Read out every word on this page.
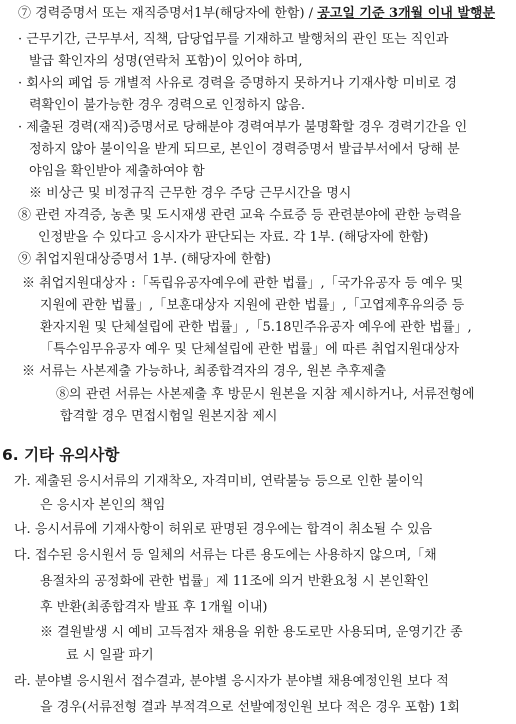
⑦ 경력증명서 또는 재직증명서1부(해당자에 한함) / 공고일 기준 3개월 이내 발행분
· 근무기간, 근무부서, 직책, 담당업무를 기재하고 발행처의 관인 또는 직인과
발급 확인자의 성명(연락처 포함)이 있어야 하며,
· 회사의 폐업 등 개별적 사유로 경력을 증명하지 못하거나 기재사항 미비로 경
력확인이 불가능한 경우 경력으로 인정하지 않음.
· 제출된 경력(재직)증명서로 당해분야 경력여부가 불명확할 경우 경력기간을 인
정하지 않아 불이익을 받게 되므로, 본인이 경력증명서 발급부서에서 당해 분
야임을 확인받아 제출하여야 함
※ 비상근 및 비정규직 근무한 경우 주당 근무시간을 명시
⑧ 관련 자격증, 농촌 및 도시재생 관련 교육 수료증 등 관련분야에 관한 능력을
인정받을 수 있다고 응시자가 판단되는 자료. 각 1부. (해당자에 한함)
⑨ 취업지원대상증명서 1부. (해당자에 한함)
※ 취업지원대상자 :「독립유공자예우에 관한 법률」,「국가유공자 등 예우 및
지원에 관한 법률」,「보훈대상자 지원에 관한 법률」,「고엽제후유의증 등
환자지원 및 단체설립에 관한 법률」,「5.18민주유공자 예우에 관한 법률」,
「특수임무유공자 예우 및 단체설립에 관한 법률」에 따른 취업지원대상자
※ 서류는 사본제출 가능하나, 최종합격자의 경우, 원본 추후제출
⑧의 관련 서류는 사본제출 후 방문시 원본을 지참 제시하거나, 서류전형에
합격할 경우 면접시험일 원본지참 제시
6. 기타 유의사항
가. 제출된 응시서류의 기재착오, 자격미비, 연락불능 등으로 인한 불이익
은 응시자 본인의 책임
나. 응시서류에 기재사항이 허위로 판명된 경우에는 합격이 취소될 수 있음
다. 접수된 응시원서 등 일체의 서류는 다른 용도에는 사용하지 않으며,「채
용절차의 공정화에 관한 법률」제 11조에 의거 반환요청 시 본인확인
후 반환(최종합격자 발표 후 1개월 이내)
※ 결원발생 시 예비 고득점자 채용을 위한 용도로만 사용되며, 운영기간 종
료 시 일괄 파기
라. 분야별 응시원서 접수결과, 분야별 응시자가 분야별 채용예정인원 보다 적
을 경우(서류전형 결과 부적격으로 선발예정인원 보다 적은 경우 포함) 1회
